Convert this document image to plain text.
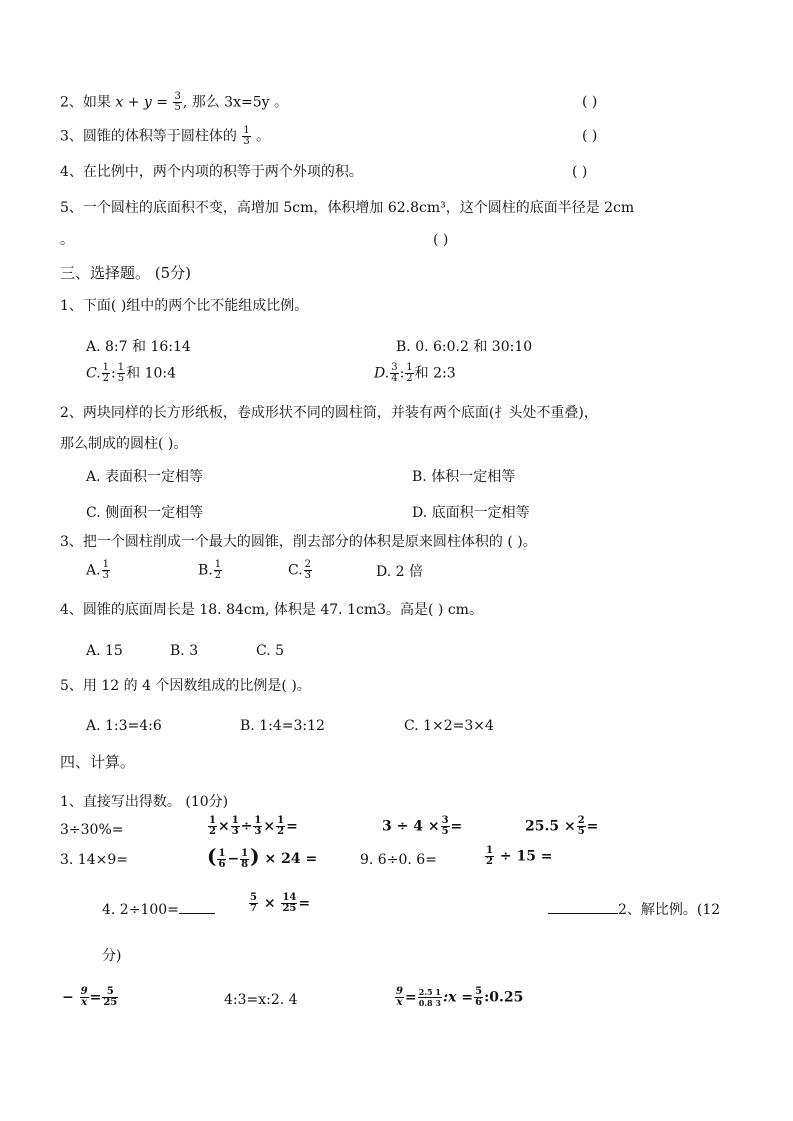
2、如果 $x + y = \frac{3}{5}$ , 那么 3x=5y 。	( )
3、圆锥的体积等于圆柱体的 $\frac{1}{3}$ 。	( )
4、在比例中，两个内项的积等于两个外项的积。	( )
5、一个圆柱的底面积不变，高增加 5cm，体积增加 62.8cm³，这个圆柱的底面半径是 2cm
。	( )
三、选择题。 (5分)
1、下面( )组中的两个比不能组成比例。
A. 8:7 和 16:14	B. 0. 6:0.2 和 30:10
C. $\frac{1}{2}$ : $\frac{1}{5}$ 和 10:4	D. $\frac{3}{4}$ : $\frac{1}{2}$ 和 2:3
2、两块同样的长方形纸板，卷成形状不同的圆柱筒，并装有两个底面(扌头处不重叠)，
那么制成的圆柱( )。
A. 表面积一定相等	B. 体积一定相等
C. 侧面积一定相等	D. 底面积一定相等
3、把一个圆柱削成一个最大的圆锥，削去部分的体积是原来圆柱体积的 ( )。
A. $\frac{1}{3}$	B. $\frac{1}{2}$	C. $\frac{2}{3}$	D. 2 倍
4、圆锥的底面周长是 18. 84cm, 体积是 47. 1cm3。高是( ) cm。
A. 15	B. 3	C. 5
5、用 12 的 4 个因数组成的比例是( )。
A. 1:3=4:6	B. 1:4=3:12	C. 1×2=3×4
四、计算。
1、直接写出得数。 (10分)
3÷30%=	$\frac{1}{2} \times \frac{1}{3} \div \frac{1}{3} \times \frac{1}{2}$ =	$3 \div 4 \times \frac{3}{5}$ =	$25.5 \times \frac{2}{5}$ =
3. 14×9=	( $\frac{1}{6} - \frac{1}{8}$ ) × 24 =	9. 6÷0. 6=	$\frac{1}{2} \div 15$ =
4. 2÷100=	$\frac{5}{7} \times \frac{14}{25}$ =	2、解比例。(12
分)
− $\frac{9}{x} = \frac{5}{25}$	4:3=x:2. 4	$\frac{9}{x} = \frac{2.5 1}{0.8 3}$ :x = $\frac{5}{6}$ :0.25
